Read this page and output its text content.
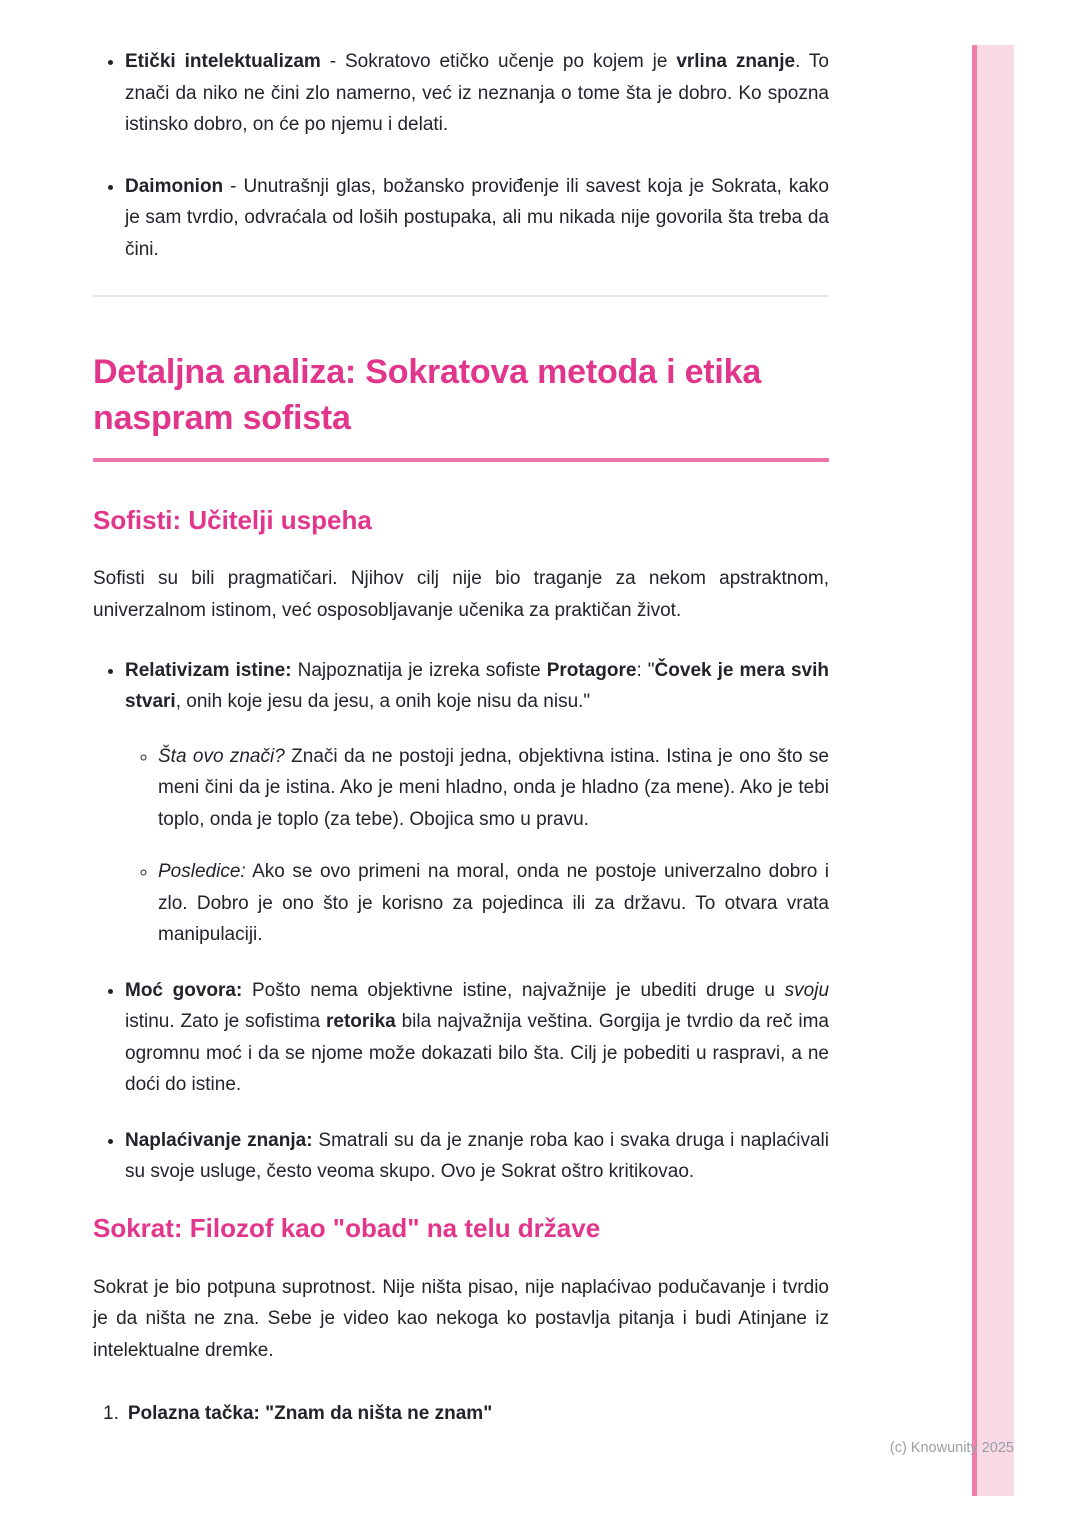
• Etički intelektualizam - Sokratovo etičko učenje po kojem je vrlina znanje. To znači da niko ne čini zlo namerno, već iz neznanja o tome šta je dobro. Ko spozna istinsko dobro, on će po njemu i delati.
• Daimonion - Unutrašnji glas, božansko proviđenje ili savest koja je Sokrata, kako je sam tvrdio, odvraćala od loših postupaka, ali mu nikada nije govorila šta treba da čini.
Detaljna analiza: Sokratova metoda i etika naspram sofista
Sofisti: Učitelji uspeha

Sofisti su bili pragmatičari. Njihov cilj nije bio traganje za nekom apstraktnom, univerzalnom istinom, već osposobljavanje učenika za praktičan život.

• Relativizam istine: Najpoznatija je izreka sofiste Protagore: "Čovek je mera svih stvari, onih koje jesu da jesu, a onih koje nisu da nisu."
◦ Šta ovo znači? Znači da ne postoji jedna, objektivna istina. Istina je ono što se meni čini da je istina. Ako je meni hladno, onda je hladno (za mene). Ako je tebi toplo, onda je toplo (za tebe). Obojica smo u pravu.
◦ Posledice: Ako se ovo primeni na moral, onda ne postoje univerzalno dobro i zlo. Dobro je ono što je korisno za pojedinca ili za državu. To otvara vrata manipulaciji.
• Moć govora: Pošto nema objektivne istine, najvažnije je ubediti druge u svoju istinu. Zato je sofistima retorika bila najvažnija veština. Gorgija je tvrdio da reč ima ogromnu moć i da se njome može dokazati bilo šta. Cilj je pobediti u raspravi, a ne doći do istine.
• Naplaćivanje znanja: Smatrali su da je znanje roba kao i svaka druga i naplaćivali su svoje usluge, često veoma skupo. Ovo je Sokrat oštro kritikovao.
Sokrat: Filozof kao "obad" na telu države

Sokrat je bio potpuna suprotnost. Nije ništa pisao, nije naplaćivao podučavanje i tvrdio je da ništa ne zna. Sebe je video kao nekoga ko postavlja pitanja i budi Atinjane iz intelektualne dremke.

1. Polazna tačka: "Znam da ništa ne znam"
(c) Knowunity 2025
